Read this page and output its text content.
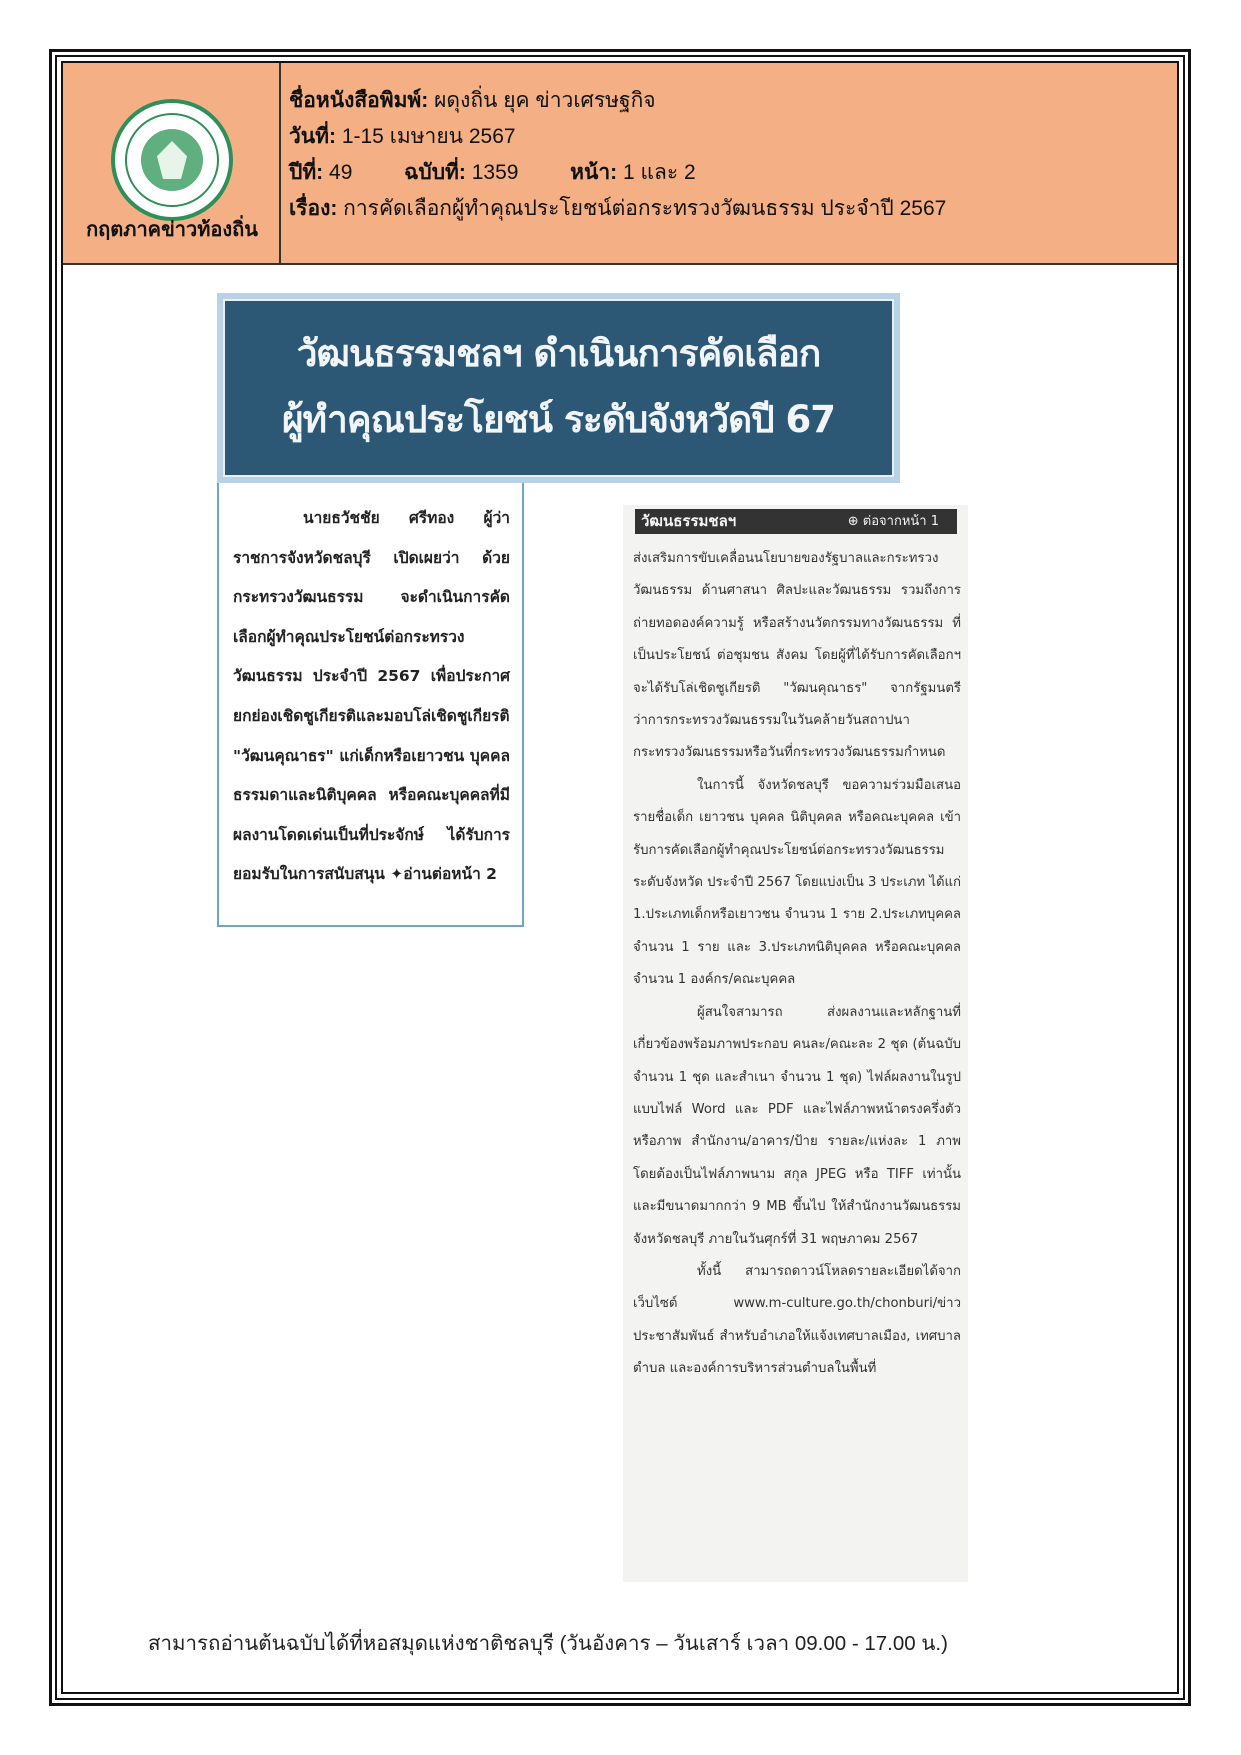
กฤตภาคข่าวท้องถิ่น
ชื่อหนังสือพิมพ์: ผดุงถิ่น ยุค ข่าวเศรษฐกิจ
วันที่: 1-15 เมษายน 2567
ปีที่: 49 ฉบับที่: 1359 หน้า: 1 และ 2
เรื่อง: การคัดเลือกผู้ทำคุณประโยชน์ต่อกระทรวงวัฒนธรรม ประจำปี 2567
วัฒนธรรมชลฯ ดำเนินการคัดเลือก
ผู้ทำคุณประโยชน์ ระดับจังหวัดปี 67

นายธวัชชัย ศรีทอง ผู้ว่าราชการจังหวัดชลบุรี เปิดเผยว่า ด้วยกระทรวงวัฒนธรรม จะดำเนินการคัดเลือกผู้ทำคุณประโยชน์ต่อกระทรวงวัฒนธรรม ประจำปี 2567 เพื่อประกาศยกย่องเชิดชูเกียรติและมอบโล่เชิดชูเกียรติ "วัฒนคุณาธร" แก่เด็กหรือเยาวชน บุคคลธรรมดาและนิติบุคคล หรือคณะบุคคลที่มีผลงานโดดเด่นเป็นที่ประจักษ์ ได้รับการยอมรับในการสนับสนุน ✦อ่านต่อหน้า 2

วัฒนธรรมชลฯ	⊕ ต่อจากหน้า 1

ส่งเสริมการขับเคลื่อนนโยบายของรัฐบาลและกระทรวงวัฒนธรรม ด้านศาสนา ศิลปะและวัฒนธรรม รวมถึงการถ่ายทอดองค์ความรู้ หรือสร้างนวัตกรรมทางวัฒนธรรม ที่เป็นประโยชน์ ต่อชุมชน สังคม โดยผู้ที่ได้รับการคัดเลือกฯ จะได้รับโล่เชิดชูเกียรติ "วัฒนคุณาธร" จากรัฐมนตรีว่าการกระทรวงวัฒนธรรมในวันคล้ายวันสถาปนากระทรวงวัฒนธรรมหรือวันที่กระทรวงวัฒนธรรมกำหนด

ในการนี้ จังหวัดชลบุรี ขอความร่วมมือเสนอรายชื่อเด็ก เยาวชน บุคคล นิติบุคคล หรือคณะบุคคล เข้ารับการคัดเลือกผู้ทำคุณประโยชน์ต่อกระทรวงวัฒนธรรม ระดับจังหวัด ประจำปี 2567 โดยแบ่งเป็น 3 ประเภท ได้แก่ 1.ประเภทเด็กหรือเยาวชน จำนวน 1 ราย 2.ประเภทบุคคล จำนวน 1 ราย และ 3.ประเภทนิติบุคคล หรือคณะบุคคล จำนวน 1 องค์กร/คณะบุคคล

ผู้สนใจสามารถ ส่งผลงานและหลักฐานที่เกี่ยวข้องพร้อมภาพประกอบ คนละ/คณะละ 2 ชุด (ต้นฉบับ จำนวน 1 ชุด และสำเนา จำนวน 1 ชุด) ไฟล์ผลงานในรูปแบบไฟล์ Word และ PDF และไฟล์ภาพหน้าตรงครึ่งตัว หรือภาพ สำนักงาน/อาคาร/ป้าย รายละ/แห่งละ 1 ภาพ โดยต้องเป็นไฟล์ภาพนาม สกุล JPEG หรือ TIFF เท่านั้น และมีขนาดมากกว่า 9 MB ขึ้นไป ให้สำนักงานวัฒนธรรมจังหวัดชลบุรี ภายในวันศุกร์ที่ 31 พฤษภาคม 2567

ทั้งนี้ สามารถดาวน์โหลดรายละเอียดได้จากเว็บไซต์ www.m-culture.go.th/chonburi/ข่าวประชาสัมพันธ์ สำหรับอำเภอให้แจ้งเทศบาลเมือง, เทศบาลตำบล และองค์การบริหารส่วนตำบลในพื้นที่

สามารถอ่านต้นฉบับได้ที่หอสมุดแห่งชาติชลบุรี (วันอังคาร – วันเสาร์ เวลา 09.00 - 17.00 น.)
